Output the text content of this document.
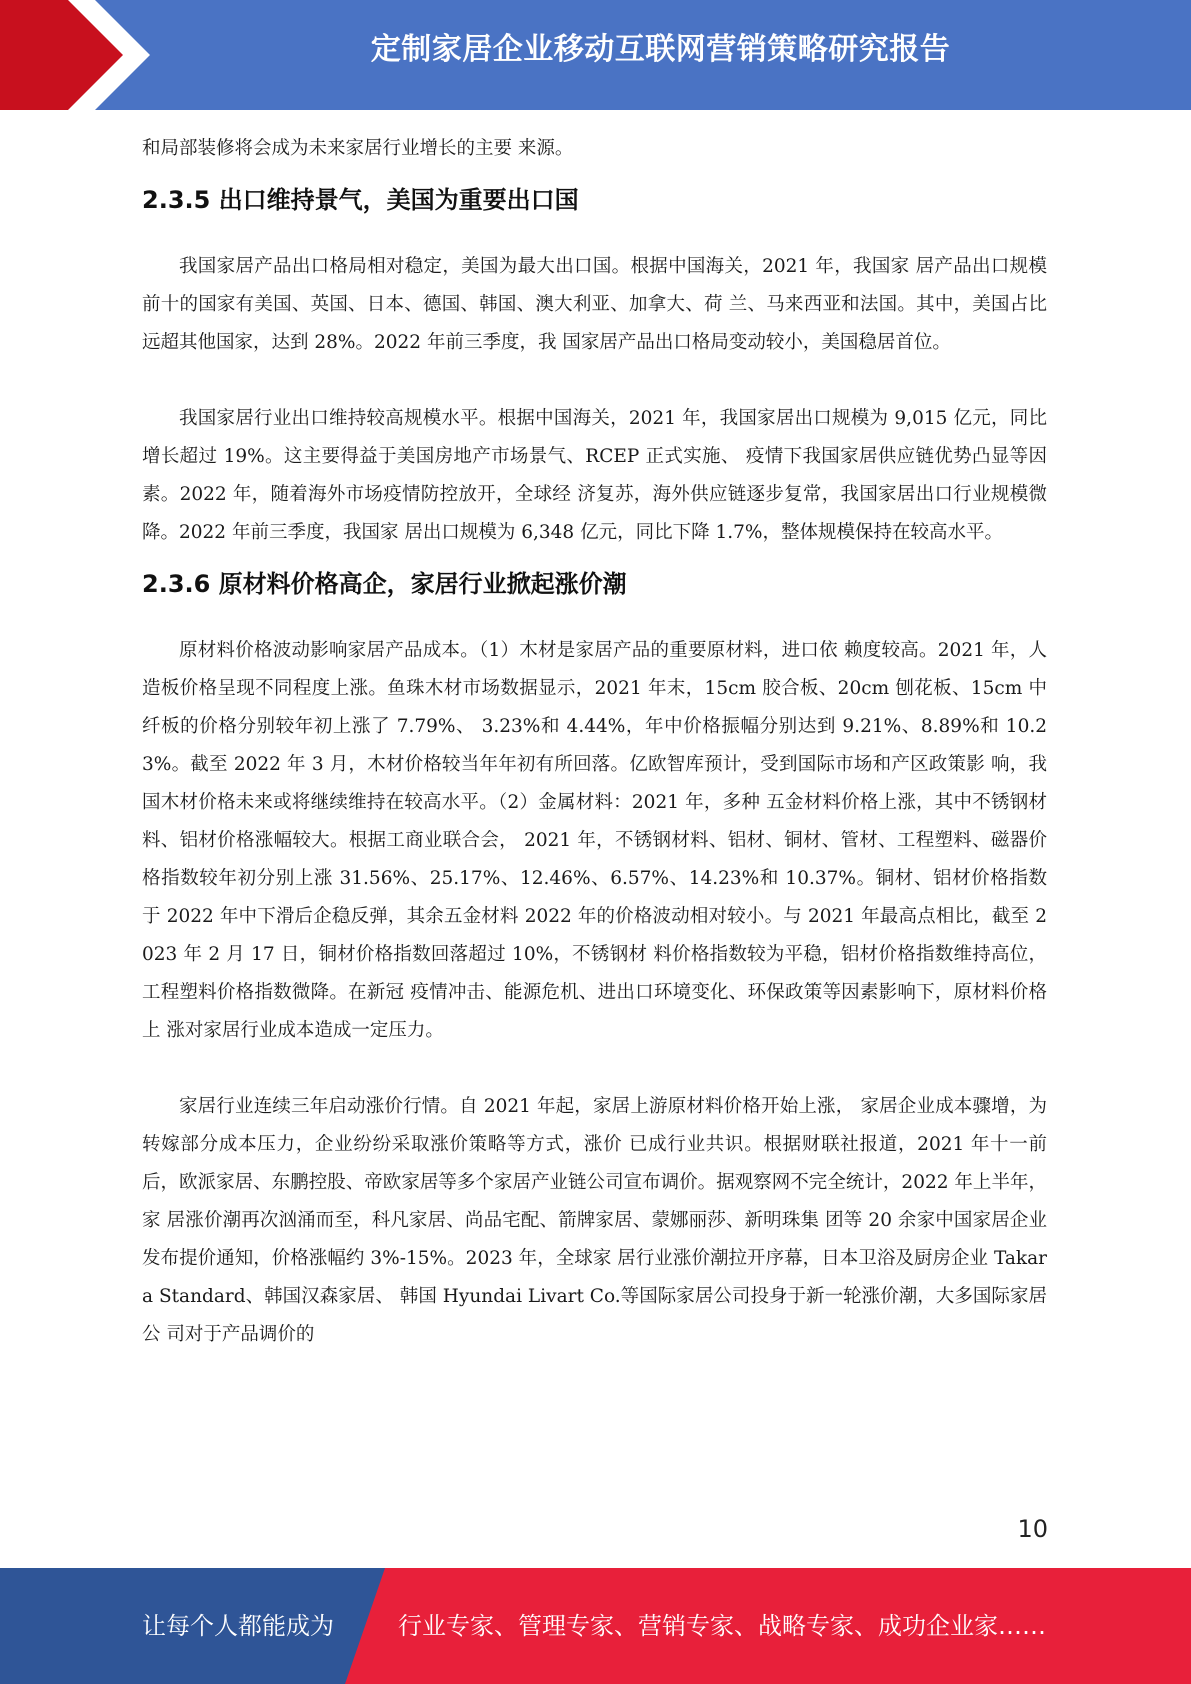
定制家居企业移动互联网营销策略研究报告

和局部装修将会成为未来家居行业增长的主要 来源。

2.3.5 出口维持景气，美国为重要出口国

我国家居产品出口格局相对稳定，美国为最大出口国。根据中国海关，2021 年，我国家 居产品出口规模前十的国家有美国、英国、日本、德国、韩国、澳大利亚、加拿大、荷 兰、马来西亚和法国。其中，美国占比远超其他国家，达到 28%。2022 年前三季度，我 国家居产品出口格局变动较小，美国稳居首位。

我国家居行业出口维持较高规模水平。根据中国海关，2021 年，我国家居出口规模为 9,015 亿元，同比增长超过 19%。这主要得益于美国房地产市场景气、RCEP 正式实施、 疫情下我国家居供应链优势凸显等因素。2022 年，随着海外市场疫情防控放开，全球经 济复苏，海外供应链逐步复常，我国家居出口行业规模微降。2022 年前三季度，我国家 居出口规模为 6,348 亿元，同比下降 1.7%，整体规模保持在较高水平。

2.3.6 原材料价格高企，家居行业掀起涨价潮

原材料价格波动影响家居产品成本。（1）木材是家居产品的重要原材料，进口依 赖度较高。2021 年，人造板价格呈现不同程度上涨。鱼珠木材市场数据显示，2021 年末，15cm 胶合板、20cm 刨花板、15cm 中纤板的价格分别较年初上涨了 7.79%、 3.23%和 4.44%，年中价格振幅分别达到 9.21%、8.89%和 10.23%。截至 2022 年 3 月，木材价格较当年年初有所回落。亿欧智库预计，受到国际市场和产区政策影 响，我国木材价格未来或将继续维持在较高水平。（2）金属材料：2021 年，多种 五金材料价格上涨，其中不锈钢材料、铝材价格涨幅较大。根据工商业联合会， 2021 年，不锈钢材料、铝材、铜材、管材、工程塑料、磁器价格指数较年初分别上涨 31.56%、25.17%、12.46%、6.57%、14.23%和 10.37%。铜材、铝材价格指数 于 2022 年中下滑后企稳反弹，其余五金材料 2022 年的价格波动相对较小。与 2021 年最高点相比，截至 2023 年 2 月 17 日，铜材价格指数回落超过 10%，不锈钢材 料价格指数较为平稳，铝材价格指数维持高位，工程塑料价格指数微降。在新冠 疫情冲击、能源危机、进出口环境变化、环保政策等因素影响下，原材料价格上 涨对家居行业成本造成一定压力。

家居行业连续三年启动涨价行情。自 2021 年起，家居上游原材料价格开始上涨， 家居企业成本骤增，为转嫁部分成本压力，企业纷纷采取涨价策略等方式，涨价 已成行业共识。根据财联社报道，2021 年十一前后，欧派家居、东鹏控股、帝欧家居等多个家居产业链公司宣布调价。据观察网不完全统计，2022 年上半年，家 居涨价潮再次汹涌而至，科凡家居、尚品宅配、箭牌家居、蒙娜丽莎、新明珠集 团等 20 余家中国家居企业发布提价通知，价格涨幅约 3%-15%。2023 年，全球家 居行业涨价潮拉开序幕，日本卫浴及厨房企业 Takara Standard、韩国汉森家居、 韩国 Hyundai Livart Co.等国际家居公司投身于新一轮涨价潮，大多国际家居公 司对于产品调价的

10
让每个人都能成为	行业专家、管理专家、营销专家、战略专家、成功企业家……
